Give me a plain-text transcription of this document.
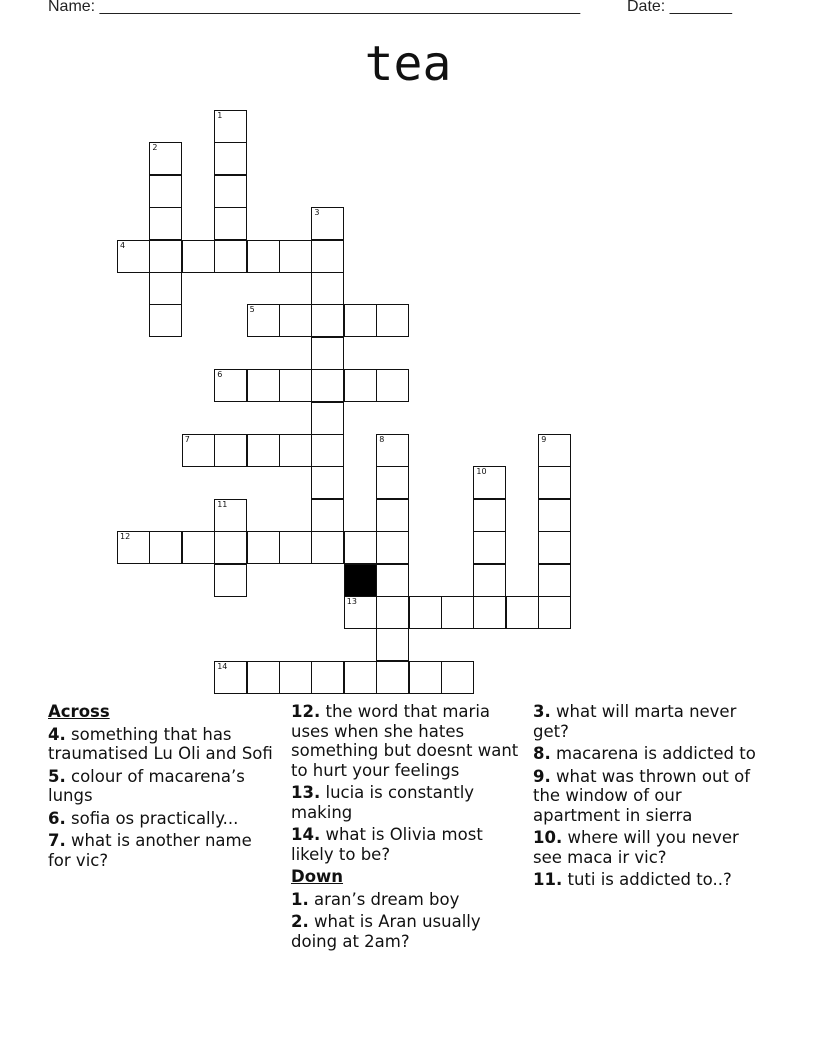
Name: ______________________________________________________	Date: _______
tea
1
2
3
4
5
6
7	8	9
10
11
12
13
14
Across
4. something that has traumatised Lu Oli and Sofi
5. colour of macarena’s lungs
6. sofia os practically...
7. what is another name for vic?
12. the word that maria uses when she hates something but doesnt want to hurt your feelings
13. lucia is constantly making
14. what is Olivia most likely to be?
Down
1. aran’s dream boy
2. what is Aran usually doing at 2am?
3. what will marta never get?
8. macarena is addicted to
9. what was thrown out of the window of our apartment in sierra
10. where will you never see maca ir vic?
11. tuti is addicted to..?
